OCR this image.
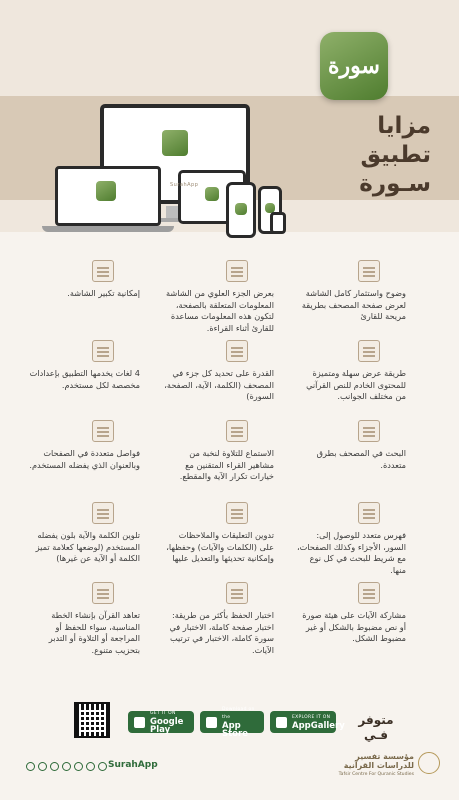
سورة
مزايا
تطبيق
سـورة
SurahApp
وضوح واستثمار كامل الشاشة لعرض صفحة المصحف بطريقة مريحة للقارئ
بعرض الجزء العلوي من الشاشة المعلومات المتعلقة بالصفحة، لتكون هذه المعلومات مساعدة للقارئ أثناء القراءة.
إمكانية تكبير الشاشة.
طريقة عرض سهلة ومتميزة للمحتوى الخادم للنص القرآني من مختلف الجوانب.
القدرة على تحديد كل جزء في المصحف (الكلمة، الآية، الصفحة، السورة)
4 لغات يخدمها التطبيق بإعدادات مخصصة لكل مستخدم.
البحث في المصحف بطرق متعددة.
الاستماع للتلاوة لنخبة من مشاهير القراء المتقنين مع خيارات تكرار الآية والمقطع.
فواصل متعددة في الصفحات وبالعنوان الذي يفضله المستخدم.
فهرس متعدد للوصول إلى: السور، الأجزاء وكذلك الصفحات، مع شريط للبحث في كل نوع منها.
تدوين التعليقات والملاحظات على (الكلمات والآيات) وحفظها، وإمكانية تحديثها والتعديل عليها
تلوين الكلمة والآية بلون يفضله المستخدم (لوضعها كعلامة تميز الكلمة أو الآية عن غيرها)
مشاركة الآيات على هيئة صورة أو نص مضبوط بالشكل أو غير مضبوط الشكل.
اختبار الحفظ بأكثر من طريقة: اختبار صفحة كاملة، الاختبار في سورة كاملة، الاختبار في ترتيب الآيات.
تعاهد القرآن بإنشاء الخطة المناسبة، سواء للحفظ أو المراجعة أو التلاوة أو التدبر بتحزيب متنوع.
متوفر
فـي
EXPLORE IT ON
AppGallery
Download on the
App Store
GET IT ON
Google Play
SurahApp
مؤسسة تفسير للدراسات القرآنية
Tafsir Centre For Quranic Studies
